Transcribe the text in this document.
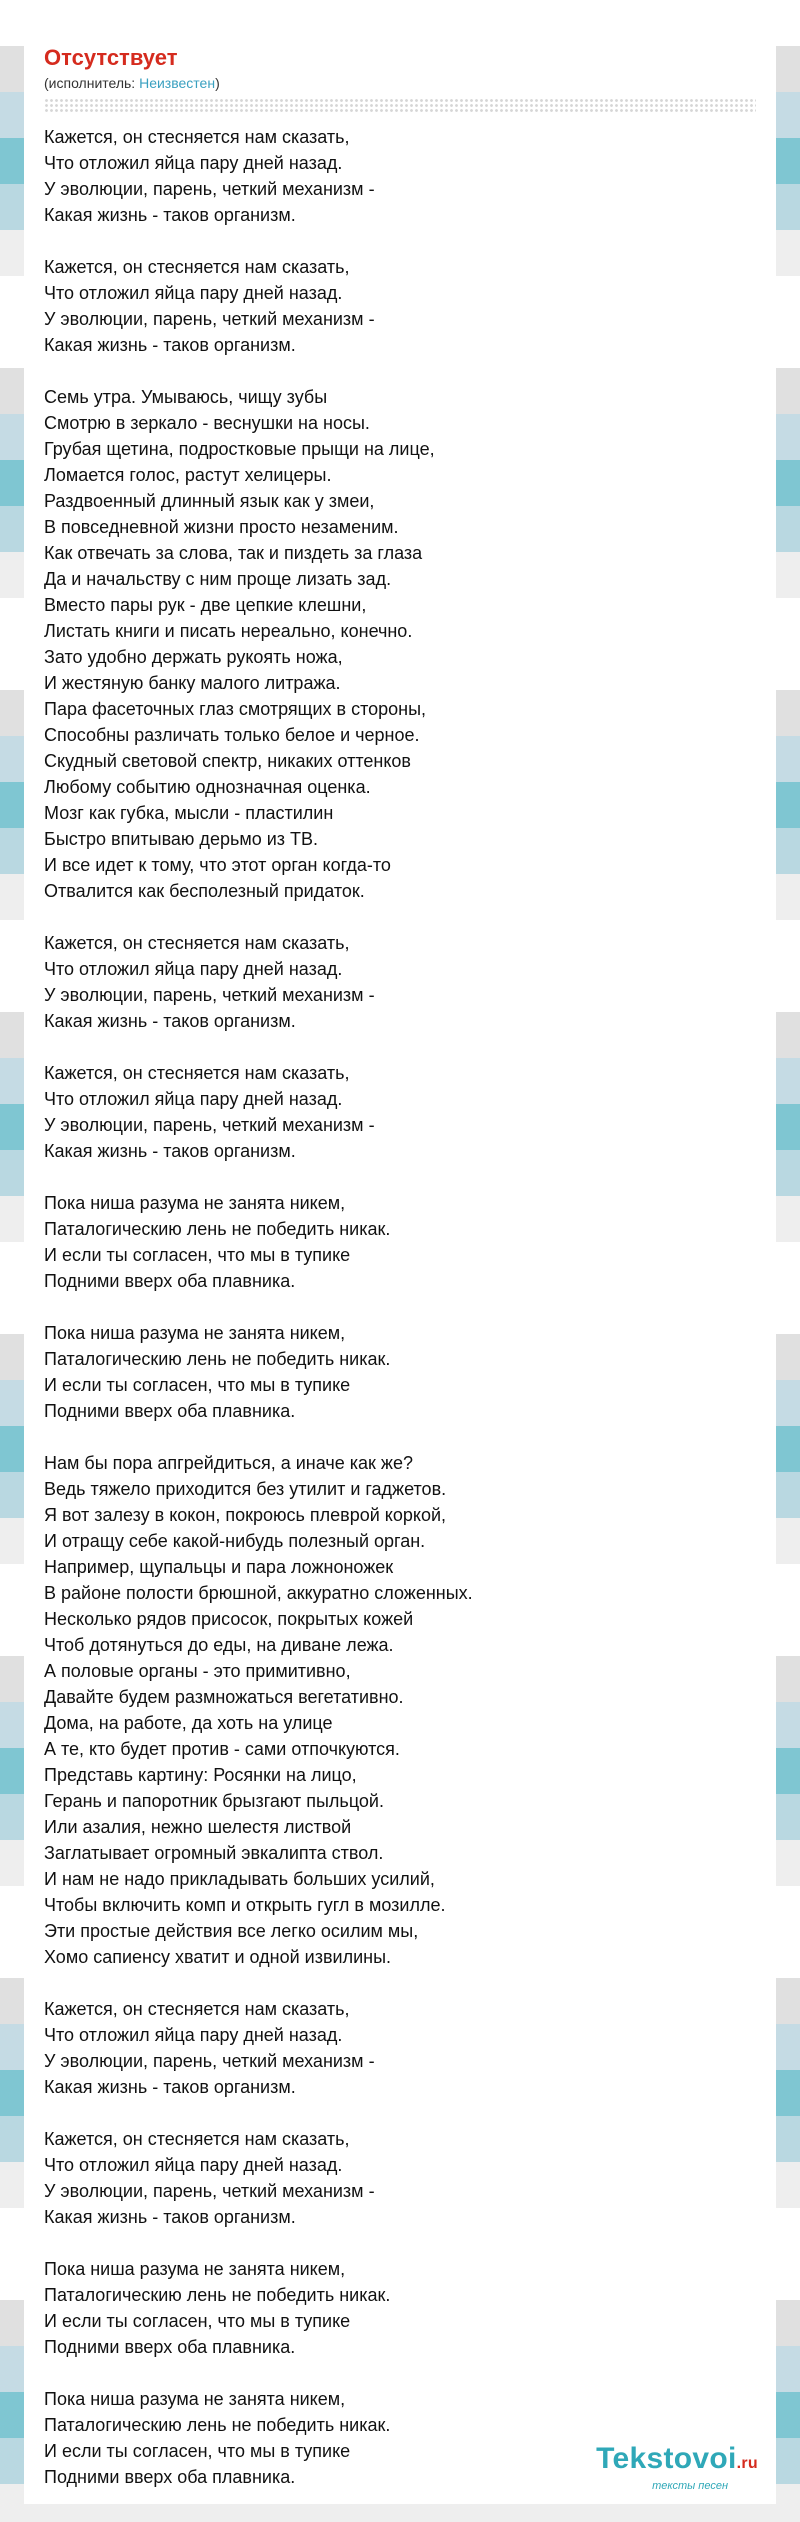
Отсутствует
(исполнитель: Неизвестен)
Кажется, он стесняется нам сказать,
Что отложил яйца пару дней назад.
У эволюции, парень, четкий механизм -
Какая жизнь - таков организм.
Кажется, он стесняется нам сказать,
Что отложил яйца пару дней назад.
У эволюции, парень, четкий механизм -
Какая жизнь - таков организм.
Семь утра. Умываюсь, чищу зубы
Смотрю в зеркало - веснушки на носы.
Грубая щетина, подростковые прыщи на лице,
Ломается голос, растут хелицеры.
Раздвоенный длинный язык как у змеи,
В повседневной жизни просто незаменим.
Как отвечать за слова, так и пиздеть за глаза
Да и начальству с ним проще лизать зад.
Вместо пары рук - две цепкие клешни,
Листать книги и писать нереально, конечно.
Зато удобно держать рукоять ножа,
И жестяную банку малого литража.
Пара фасеточных глаз смотрящих в стороны,
Способны различать только белое и черное.
Скудный световой спектр, никаких оттенков
Любому событию однозначная оценка.
Мозг как губка, мысли - пластилин
Быстро впитываю дерьмо из ТВ.
И все идет к тому, что этот орган когда-то
Отвалится как бесполезный придаток.
Кажется, он стесняется нам сказать,
Что отложил яйца пару дней назад.
У эволюции, парень, четкий механизм -
Какая жизнь - таков организм.
Кажется, он стесняется нам сказать,
Что отложил яйца пару дней назад.
У эволюции, парень, четкий механизм -
Какая жизнь - таков организм.
Пока ниша разума не занята никем,
Паталогическию лень не победить никак.
И если ты согласен, что мы в тупике
Подними вверх оба плавника.
Пока ниша разума не занята никем,
Паталогическию лень не победить никак.
И если ты согласен, что мы в тупике
Подними вверх оба плавника.
Нам бы пора апгрейдиться, а иначе как же?
Ведь тяжело приходится без утилит и гаджетов.
Я вот залезу в кокон, покроюсь плеврой коркой,
И отращу себе какой-нибудь полезный орган.
Например, щупальцы и пара ложноножек
В районе полости брюшной, аккуратно сложенных.
Несколько рядов присосок, покрытых кожей
Чтоб дотянуться до еды, на диване лежа.
А половые органы - это примитивно,
Давайте будем размножаться вегетативно.
Дома, на работе, да хоть на улице
А те, кто будет против - сами отпочкуются.
Представь картину: Росянки на лицо,
Герань и папоротник брызгают пыльцой.
Или азалия, нежно шелестя листвой
Заглатывает огромный эвкалипта ствол.
И нам не надо прикладывать больших усилий,
Чтобы включить комп и открыть гугл в мозилле.
Эти простые действия все легко осилим мы,
Хомо сапиенсу хватит и одной извилины.
Кажется, он стесняется нам сказать,
Что отложил яйца пару дней назад.
У эволюции, парень, четкий механизм -
Какая жизнь - таков организм.
Кажется, он стесняется нам сказать,
Что отложил яйца пару дней назад.
У эволюции, парень, четкий механизм -
Какая жизнь - таков организм.
Пока ниша разума не занята никем,
Паталогическию лень не победить никак.
И если ты согласен, что мы в тупике
Подними вверх оба плавника.
Пока ниша разума не занята никем,
Паталогическию лень не победить никак.
И если ты согласен, что мы в тупике
Подними вверх оба плавника.
Tekstovoi.ru
тексты песен
